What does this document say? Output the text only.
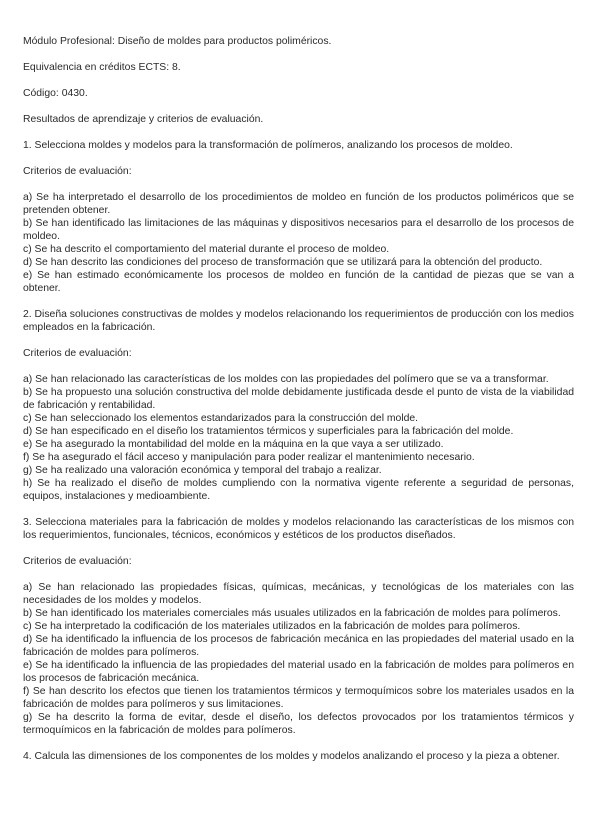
Módulo Profesional: Diseño de moldes para productos poliméricos.

Equivalencia en créditos ECTS: 8.

Código: 0430.

Resultados de aprendizaje y criterios de evaluación.

1. Selecciona moldes y modelos para la transformación de polímeros, analizando los procesos de moldeo.

Criterios de evaluación:

a) Se ha interpretado el desarrollo de los procedimientos de moldeo en función de los productos poliméricos que se pretenden obtener.
b) Se han identificado las limitaciones de las máquinas y dispositivos necesarios para el desarrollo de los procesos de moldeo.
c) Se ha descrito el comportamiento del material durante el proceso de moldeo.
d) Se han descrito las condiciones del proceso de transformación que se utilizará para la obtención del producto.
e) Se han estimado económicamente los procesos de moldeo en función de la cantidad de piezas que se van a obtener.

2. Diseña soluciones constructivas de moldes y modelos relacionando los requerimientos de producción con los medios empleados en la fabricación.

Criterios de evaluación:

a) Se han relacionado las características de los moldes con las propiedades del polímero que se va a transformar.
b) Se ha propuesto una solución constructiva del molde debidamente justificada desde el punto de vista de la viabilidad de fabricación y rentabilidad.
c) Se han seleccionado los elementos estandarizados para la construcción del molde.
d) Se han especificado en el diseño los tratamientos térmicos y superficiales para la fabricación del molde.
e) Se ha asegurado la montabilidad del molde en la máquina en la que vaya a ser utilizado.
f) Se ha asegurado el fácil acceso y manipulación para poder realizar el mantenimiento necesario.
g) Se ha realizado una valoración económica y temporal del trabajo a realizar.
h) Se ha realizado el diseño de moldes cumpliendo con la normativa vigente referente a seguridad de personas, equipos, instalaciones y medioambiente.

3. Selecciona materiales para la fabricación de moldes y modelos relacionando las características de los mismos con los requerimientos, funcionales, técnicos, económicos y estéticos de los productos diseñados.

Criterios de evaluación:

a) Se han relacionado las propiedades físicas, químicas, mecánicas, y tecnológicas de los materiales con las necesidades de los moldes y modelos.
b) Se han identificado los materiales comerciales más usuales utilizados en la fabricación de moldes para polímeros.
c) Se ha interpretado la codificación de los materiales utilizados en la fabricación de moldes para polímeros.
d) Se ha identificado la influencia de los procesos de fabricación mecánica en las propiedades del material usado en la fabricación de moldes para polímeros.
e) Se ha identificado la influencia de las propiedades del material usado en la fabricación de moldes para polímeros en los procesos de fabricación mecánica.
f) Se han descrito los efectos que tienen los tratamientos térmicos y termoquímicos sobre los materiales usados en la fabricación de moldes para polímeros y sus limitaciones.
g) Se ha descrito la forma de evitar, desde el diseño, los defectos provocados por los tratamientos térmicos y termoquímicos en la fabricación de moldes para polímeros.

4. Calcula las dimensiones de los componentes de los moldes y modelos analizando el proceso y la pieza a obtener.
